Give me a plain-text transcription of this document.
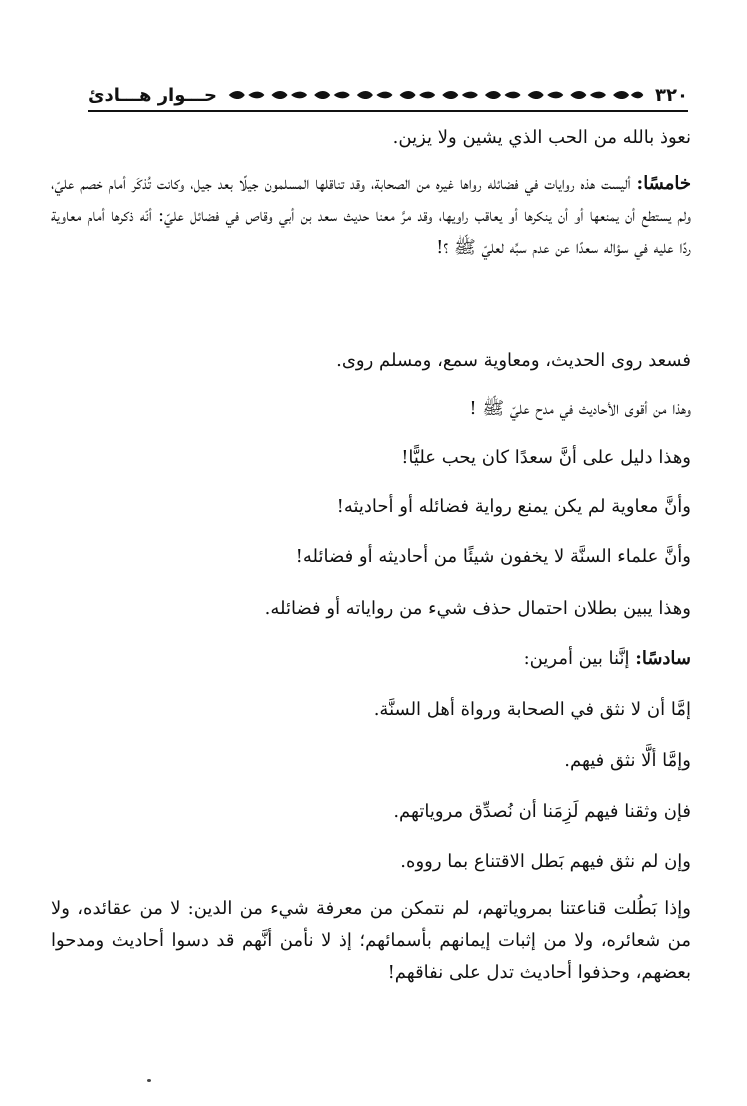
٣٢٠
حـــوار هـــادئ
نعوذ بالله من الحب الذي يشين ولا يزين.
خامسًا: أليست هذه روايات في فضائله رواها غيره من الصحابة، وقد تناقلها المسلمون جيلًا بعد جيل، وكانت تُذكَر أمام خصم عليّ، ولم يستطع أن يمنعها أو أن ينكرها أو يعاقب راويها، وقد مرَّ معنا حديث سعد بن أبي وقاص في فضائل عليّ: أنّه ذكرها أمام معاوية ردًا عليه في سؤاله سعدًا عن عدم سبِّه لعليّ ﷺ ؟!
فسعد روى الحديث، ومعاوية سمع، ومسلم روى.
وهذا من أقوى الأحاديث في مدح عليّ ﷺ !
وهذا دليل على أنَّ سعدًا كان يحب عليًّا!
وأنَّ معاوية لم يكن يمنع رواية فضائله أو أحاديثه!
وأنَّ علماء السنَّة لا يخفون شيئًا من أحاديثه أو فضائله!
وهذا يبين بطلان احتمال حذف شيء من رواياته أو فضائله.
سادسًا: إنَّنا بين أمرين:
إمَّا أن لا نثق في الصحابة ورواة أهل السنَّة.
وإمَّا ألَّا نثق فيهم.
فإن وثقنا فيهم لَزِمَنا أن نُصدِّق مروياتهم.
وإن لم نثق فيهم بَطل الاقتناع بما رووه.
وإذا بَطُلت قناعتنا بمروياتهم، لم نتمكن من معرفة شيء من الدين: لا من عقائده، ولا من شعائره، ولا من إثبات إيمانهم بأسمائهم؛ إذ لا نأمن أنَّهم قد دسوا أحاديث ومدحوا بعضهم، وحذفوا أحاديث تدل على نفاقهم!
